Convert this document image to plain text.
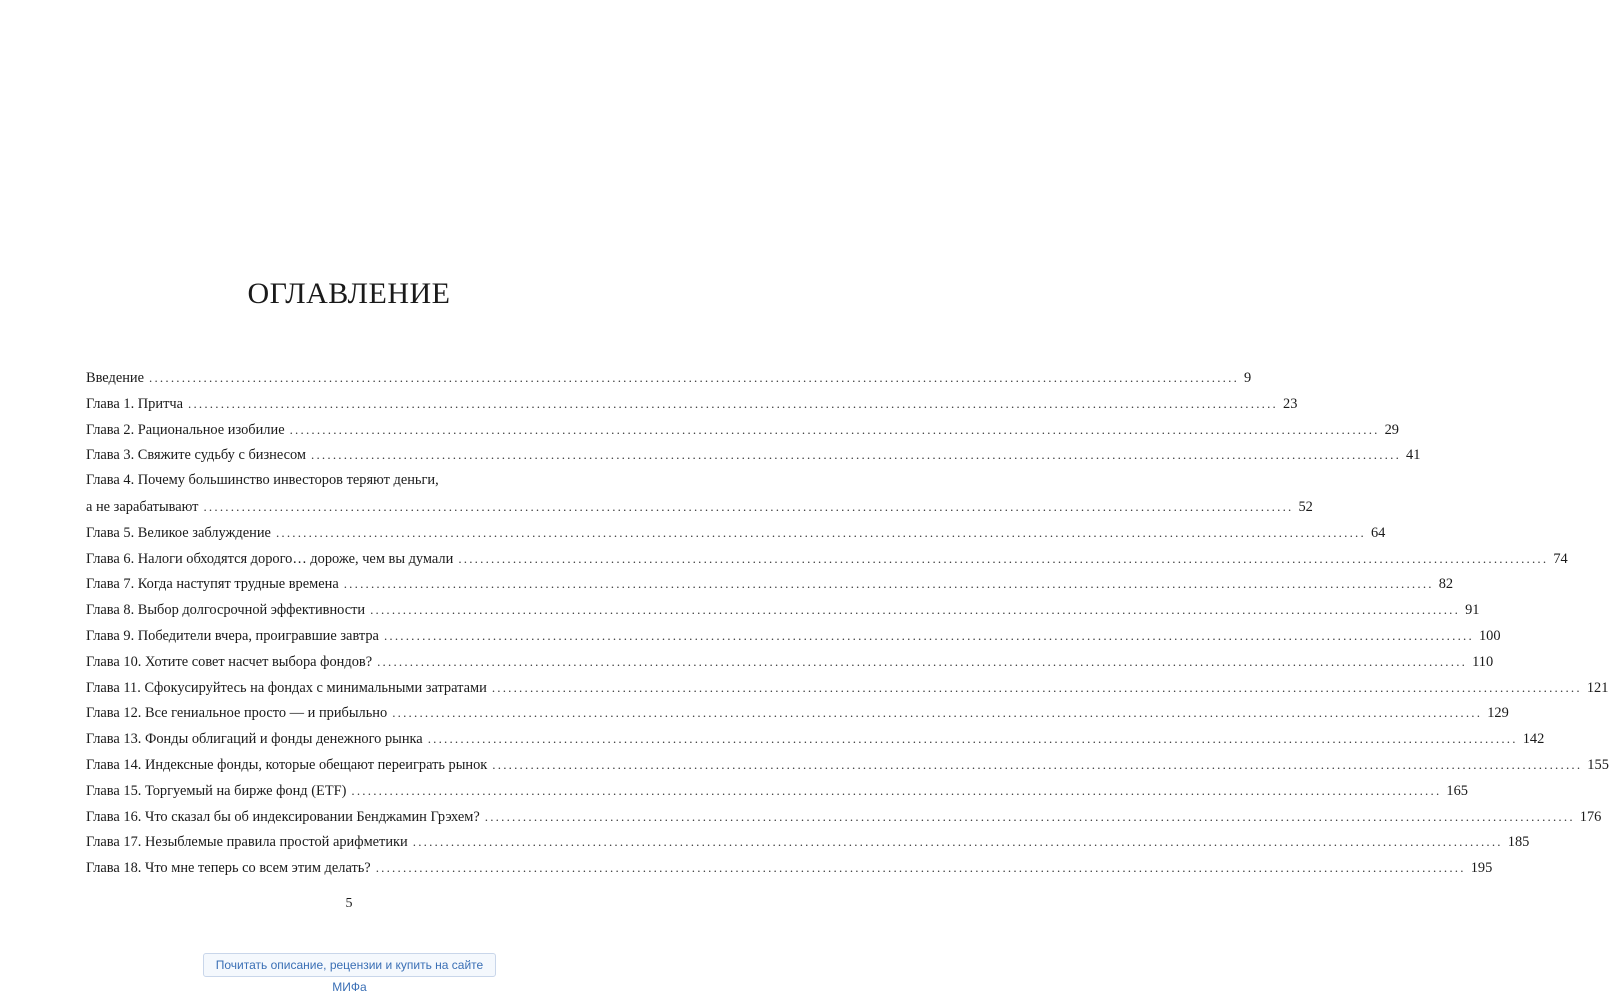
ОГЛАВЛЕНИЕ
Введение ........................................................................................................................................................................................................ 9
Глава 1. Притча ........................................................................................................................................................................................................ 23
Глава 2. Рациональное изобилие ........................................................................................................................................................................................................ 29
Глава 3. Свяжите судьбу с бизнесом ........................................................................................................................................................................................................ 41
Глава 4. Почему большинство инвесторов теряют деньги,
а не зарабатывают ........................................................................................................................................................................................................ 52
Глава 5. Великое заблуждение ........................................................................................................................................................................................................ 64
Глава 6. Налоги обходятся дорого… дороже, чем вы думали ........................................................................................................................................................................................................ 74
Глава 7. Когда наступят трудные времена ........................................................................................................................................................................................................ 82
Глава 8. Выбор долгосрочной эффективности ........................................................................................................................................................................................................ 91
Глава 9. Победители вчера, проигравшие завтра ........................................................................................................................................................................................................ 100
Глава 10. Хотите совет насчет выбора фондов? ........................................................................................................................................................................................................ 110
Глава 11. Сфокусируйтесь на фондах с минимальными затратами ........................................................................................................................................................................................................ 121
Глава 12. Все гениальное просто — и прибыльно ........................................................................................................................................................................................................ 129
Глава 13. Фонды облигаций и фонды денежного рынка ........................................................................................................................................................................................................ 142
Глава 14. Индексные фонды, которые обещают переиграть рынок ........................................................................................................................................................................................................ 155
Глава 15. Торгуемый на бирже фонд (ETF) ........................................................................................................................................................................................................ 165
Глава 16. Что сказал бы об индексировании Бенджамин Грэхем? ........................................................................................................................................................................................................ 176
Глава 17. Незыблемые правила простой арифметики ........................................................................................................................................................................................................ 185
Глава 18. Что мне теперь со всем этим делать? ........................................................................................................................................................................................................ 195
5
Почитать описание, рецензии и купить на сайте МИФа
